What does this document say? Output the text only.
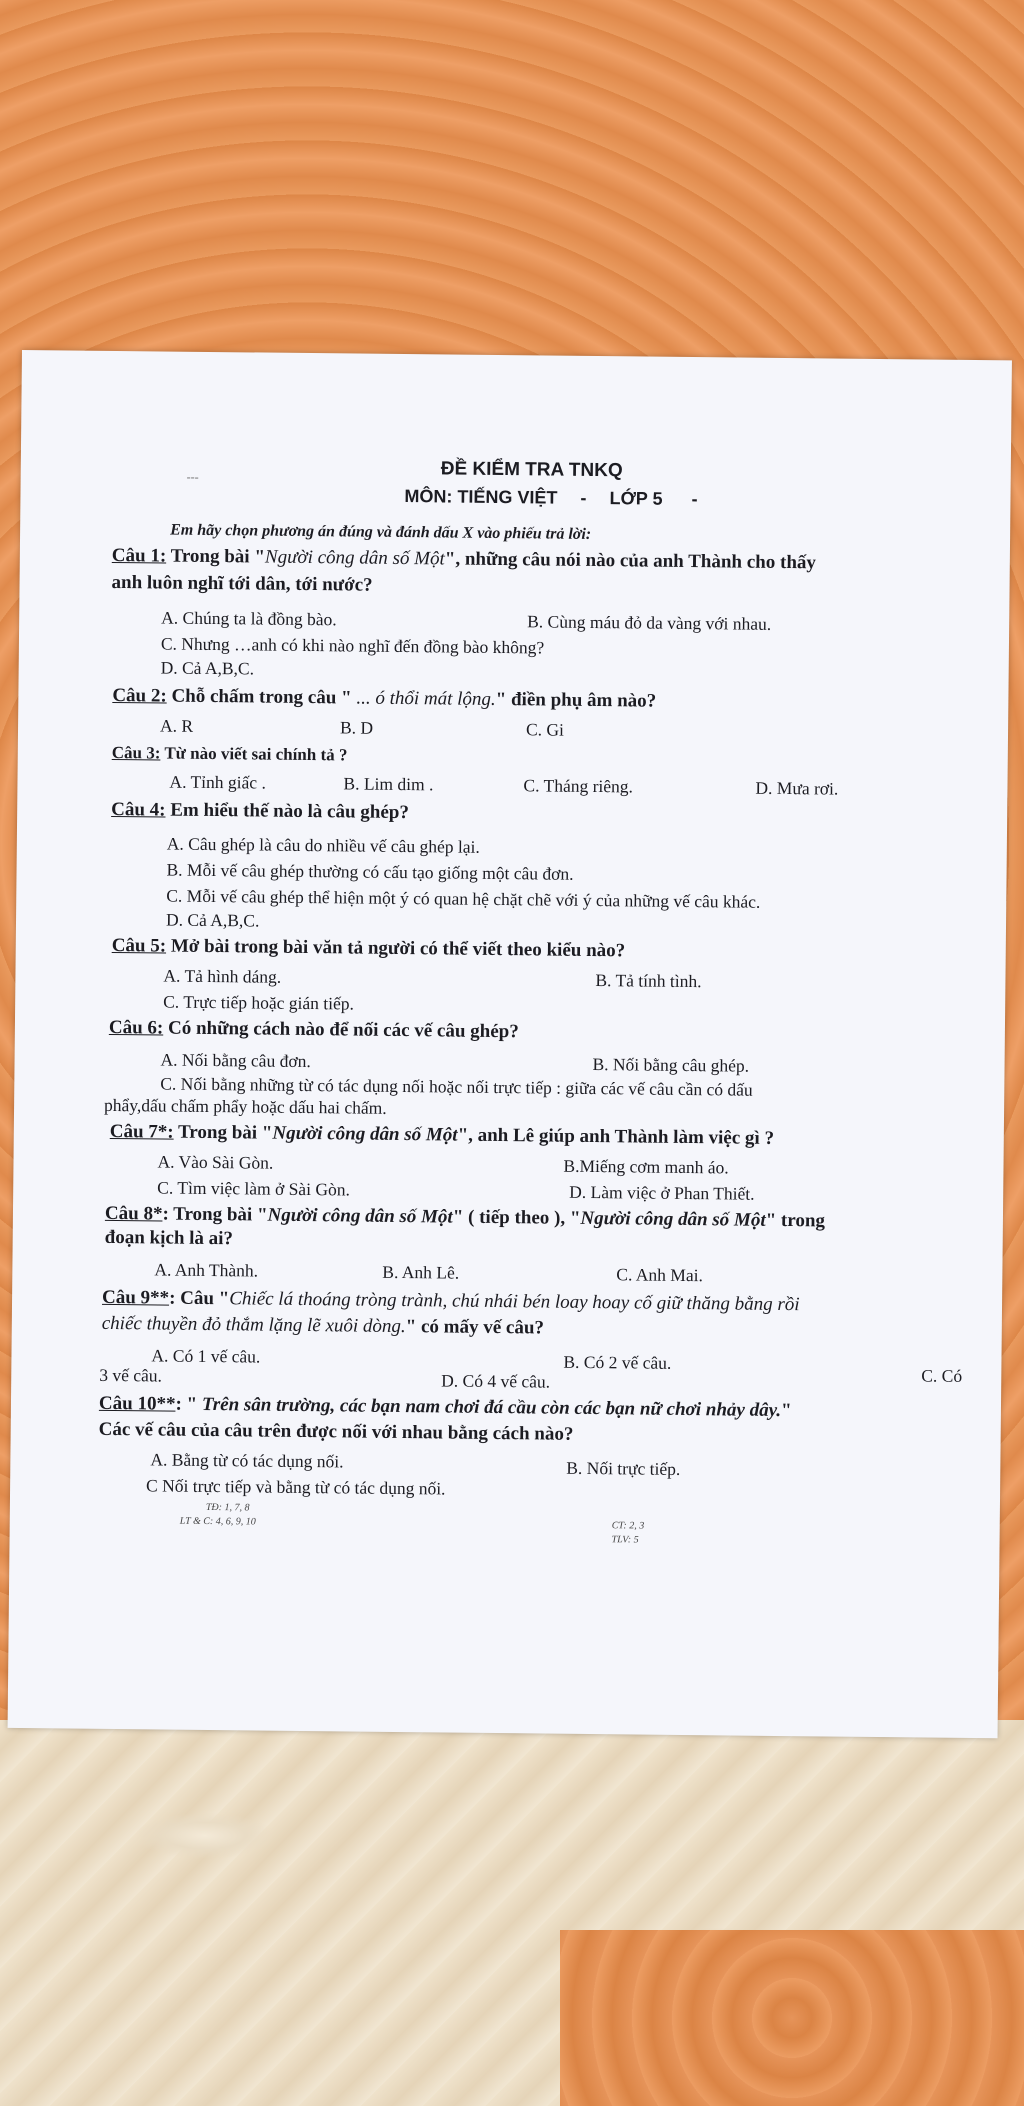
---	ĐỀ KIỂM TRA TNKQ
MÔN: TIẾNG VIỆT - LỚP 5 -
Em hãy chọn phương án đúng và đánh dấu X vào phiếu trả lời:
Câu 1: Trong bài "Người công dân số Một", những câu nói nào của anh Thành cho thấy
anh luôn nghĩ tới dân, tới nước?
A. Chúng ta là đồng bào.	B. Cùng máu đỏ da vàng với nhau.
C. Nhưng …anh có khi nào nghĩ đến đồng bào không?
D. Cả A,B,C.
Câu 2: Chỗ chấm trong câu " ... ó thổi mát lộng." điền phụ âm nào?
A. R	B. D	C. Gi
Câu 3: Từ nào viết sai chính tả ?
A. Tỉnh giấc .	B. Lim dim .	C. Tháng riêng.	D. Mưa rơi.
Câu 4: Em hiểu thế nào là câu ghép?
A. Câu ghép là câu do nhiều vế câu ghép lại.
B. Mỗi vế câu ghép thường có cấu tạo giống một câu đơn.
C. Mỗi vế câu ghép thể hiện một ý có quan hệ chặt chẽ với ý của những vế câu khác.
D. Cả A,B,C.
Câu 5: Mở bài trong bài văn tả người có thể viết theo kiểu nào?
A. Tả hình dáng.	B. Tả tính tình.
C. Trực tiếp hoặc gián tiếp.
Câu 6: Có những cách nào để nối các vế câu ghép?
A. Nối bằng câu đơn.	B. Nối bằng câu ghép.
C. Nối bằng những từ có tác dụng nối hoặc nối trực tiếp : giữa các vế câu cần có dấu
phẩy,dấu chấm phẩy hoặc dấu hai chấm.
Câu 7*: Trong bài "Người công dân số Một", anh Lê giúp anh Thành làm việc gì ?
A. Vào Sài Gòn.	B.Miếng cơm manh áo.
C. Tìm việc làm ở Sài Gòn.	D. Làm việc ở Phan Thiết.
Câu 8*: Trong bài "Người công dân số Một" ( tiếp theo ), "Người công dân số Một" trong
đoạn kịch là ai?
A. Anh Thành.	B. Anh Lê.	C. Anh Mai.
Câu 9**: Câu "Chiếc lá thoáng tròng trành, chú nhái bén loay hoay cố giữ thăng bằng rồi
chiếc thuyền đỏ thắm lặng lẽ xuôi dòng." có mấy vế câu?
A. Có 1 vế câu.	B. Có 2 vế câu.
C. Có
3 vế câu.	D. Có 4 vế câu.
Câu 10**: " Trên sân trường, các bạn nam chơi đá cầu còn các bạn nữ chơi nhảy dây."
Các vế câu của câu trên được nối với nhau bằng cách nào?
A. Bằng từ có tác dụng nối.	B. Nối trực tiếp.
C Nối trực tiếp và bằng từ có tác dụng nối.
TĐ: 1, 7, 8
LT & C: 4, 6, 9, 10	CT: 2, 3
TLV: 5
